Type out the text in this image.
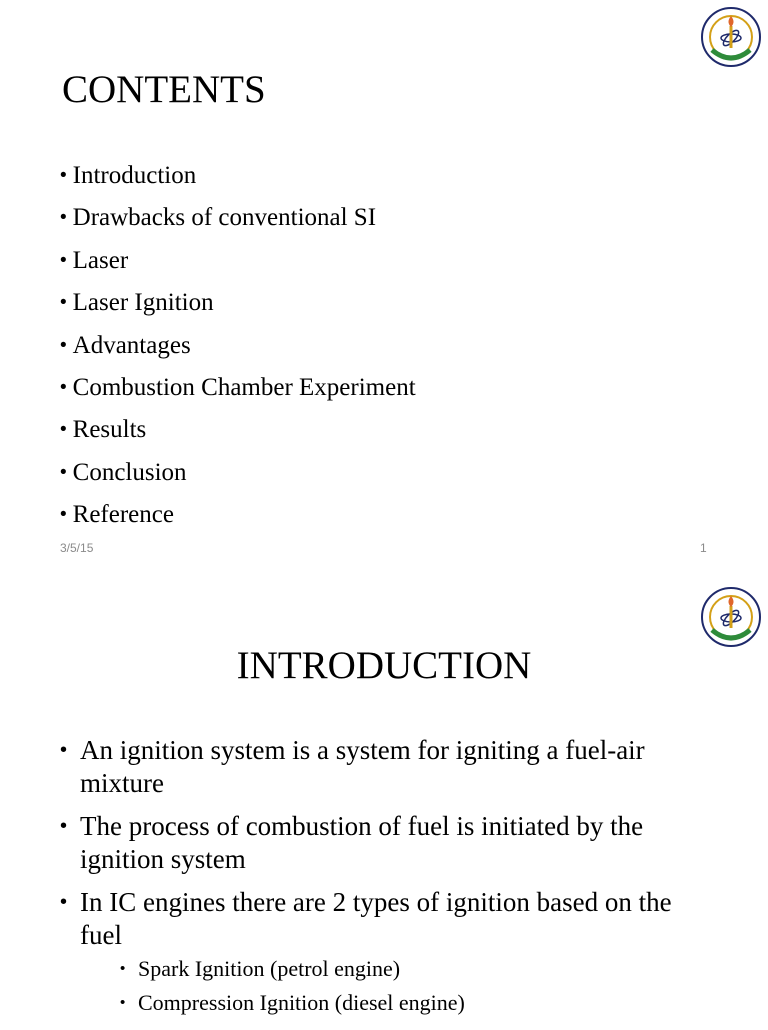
CONTENTS
• Introduction
• Drawbacks of conventional SI
• Laser
• Laser Ignition
• Advantages
• Combustion Chamber Experiment
• Results
• Conclusion
• Reference
3/5/15	1
INTRODUCTION
• An ignition system is a system for igniting a fuel-air mixture
• The process of combustion of fuel is initiated by the ignition system
• In IC engines there are 2 types of ignition based on the fuel
• Spark Ignition (petrol engine)
• Compression Ignition (diesel engine)
